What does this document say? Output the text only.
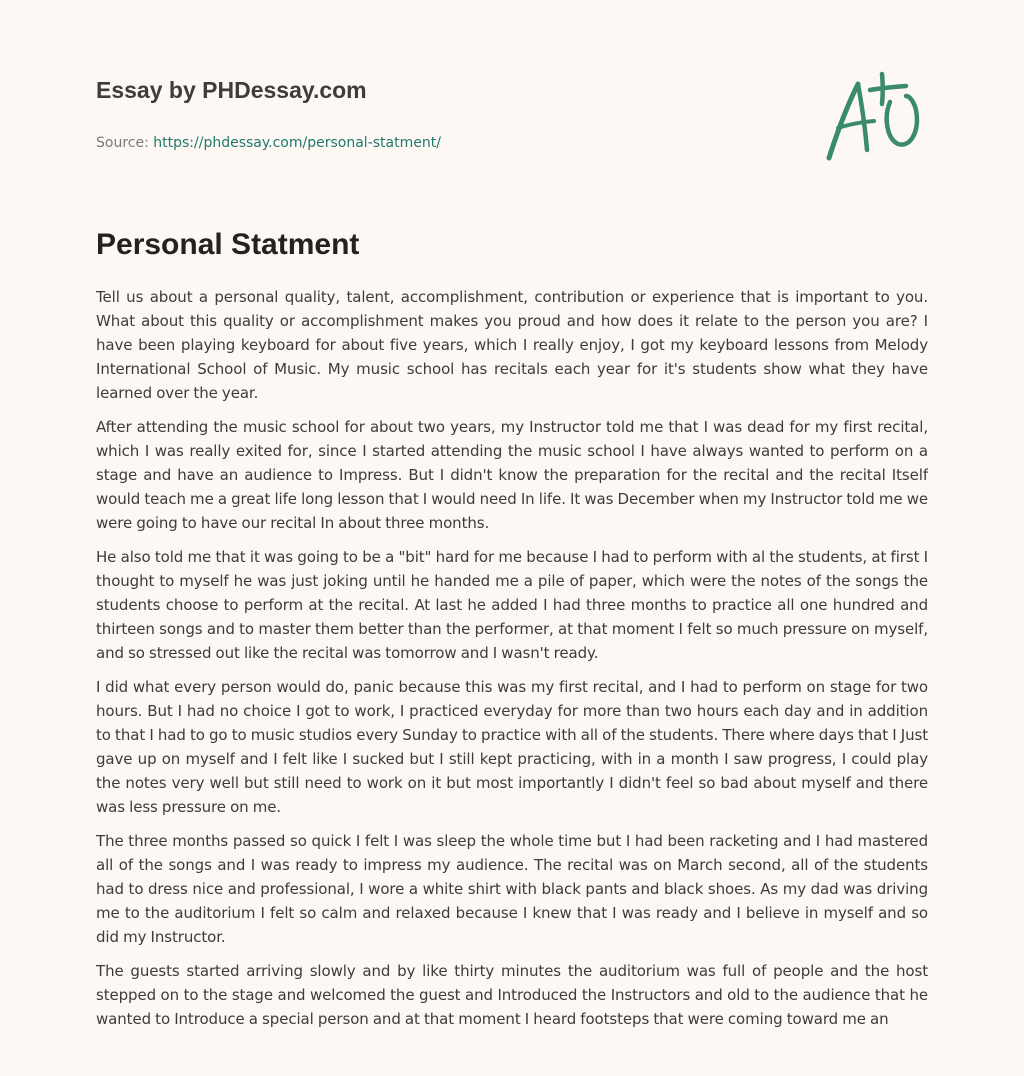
Essay by PHDessay.com
Source: https://phdessay.com/personal-statment/
Personal Statment

Tell us about a personal quality, talent, accomplishment, contribution or experience that is important to you. What about this quality or accomplishment makes you proud and how does it relate to the person you are? I have been playing keyboard for about five years, which I really enjoy, I got my keyboard lessons from Melody International School of Music. My music school has recitals each year for it's students show what they have learned over the year.

After attending the music school for about two years, my Instructor told me that I was dead for my first recital, which I was really exited for, since I started attending the music school I have always wanted to perform on a stage and have an audience to Impress. But I didn't know the preparation for the recital and the recital Itself would teach me a great life long lesson that I would need In life. It was December when my Instructor told me we were going to have our recital In about three months.

He also told me that it was going to be a "bit" hard for me because I had to perform with al the students, at first I thought to myself he was just joking until he handed me a pile of paper, which were the notes of the songs the students choose to perform at the recital. At last he added I had three months to practice all one hundred and thirteen songs and to master them better than the performer, at that moment I felt so much pressure on myself, and so stressed out like the recital was tomorrow and I wasn't ready.

I did what every person would do, panic because this was my first recital, and I had to perform on stage for two hours. But I had no choice I got to work, I practiced everyday for more than two hours each day and in addition to that I had to go to music studios every Sunday to practice with all of the students. There where days that I Just gave up on myself and I felt like I sucked but I still kept practicing, with in a month I saw progress, I could play the notes very well but still need to work on it but most importantly I didn't feel so bad about myself and there was less pressure on me.

The three months passed so quick I felt I was sleep the whole time but I had been racketing and I had mastered all of the songs and I was ready to impress my audience. The recital was on March second, all of the students had to dress nice and professional, I wore a white shirt with black pants and black shoes. As my dad was driving me to the auditorium I felt so calm and relaxed because I knew that I was ready and I believe in myself and so did my Instructor.

The guests started arriving slowly and by like thirty minutes the auditorium was full of people and the host stepped on to the stage and welcomed the guest and Introduced the Instructors and old to the audience that he wanted to Introduce a special person and at that moment I heard footsteps that were coming toward me an
